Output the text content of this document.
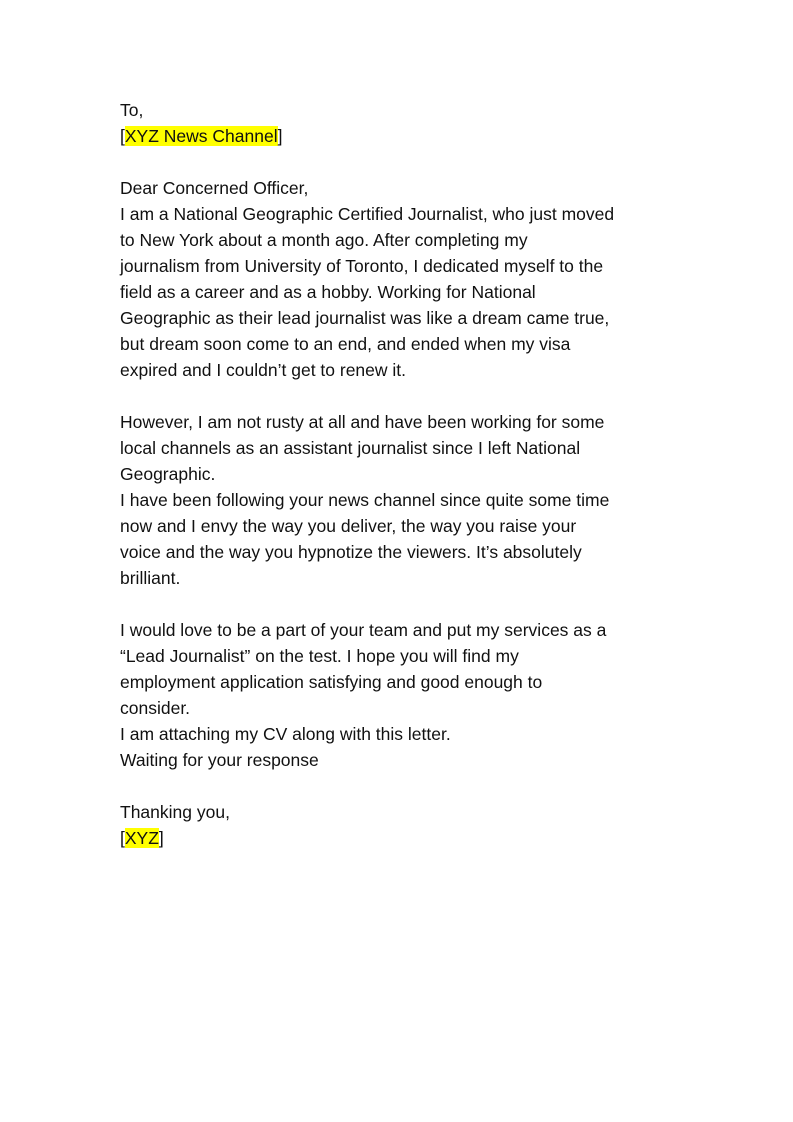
To,
[XYZ News Channel]
Dear Concerned Officer,
I am a National Geographic Certified Journalist, who just moved
to New York about a month ago. After completing my
journalism from University of Toronto, I dedicated myself to the
field as a career and as a hobby. Working for National
Geographic as their lead journalist was like a dream came true,
but dream soon come to an end, and ended when my visa
expired and I couldn’t get to renew it.
However, I am not rusty at all and have been working for some
local channels as an assistant journalist since I left National
Geographic.
I have been following your news channel since quite some time
now and I envy the way you deliver, the way you raise your
voice and the way you hypnotize the viewers. It’s absolutely
brilliant.
I would love to be a part of your team and put my services as a
“Lead Journalist” on the test. I hope you will find my
employment application satisfying and good enough to
consider.
I am attaching my CV along with this letter.
Waiting for your response
Thanking you,
[XYZ]
